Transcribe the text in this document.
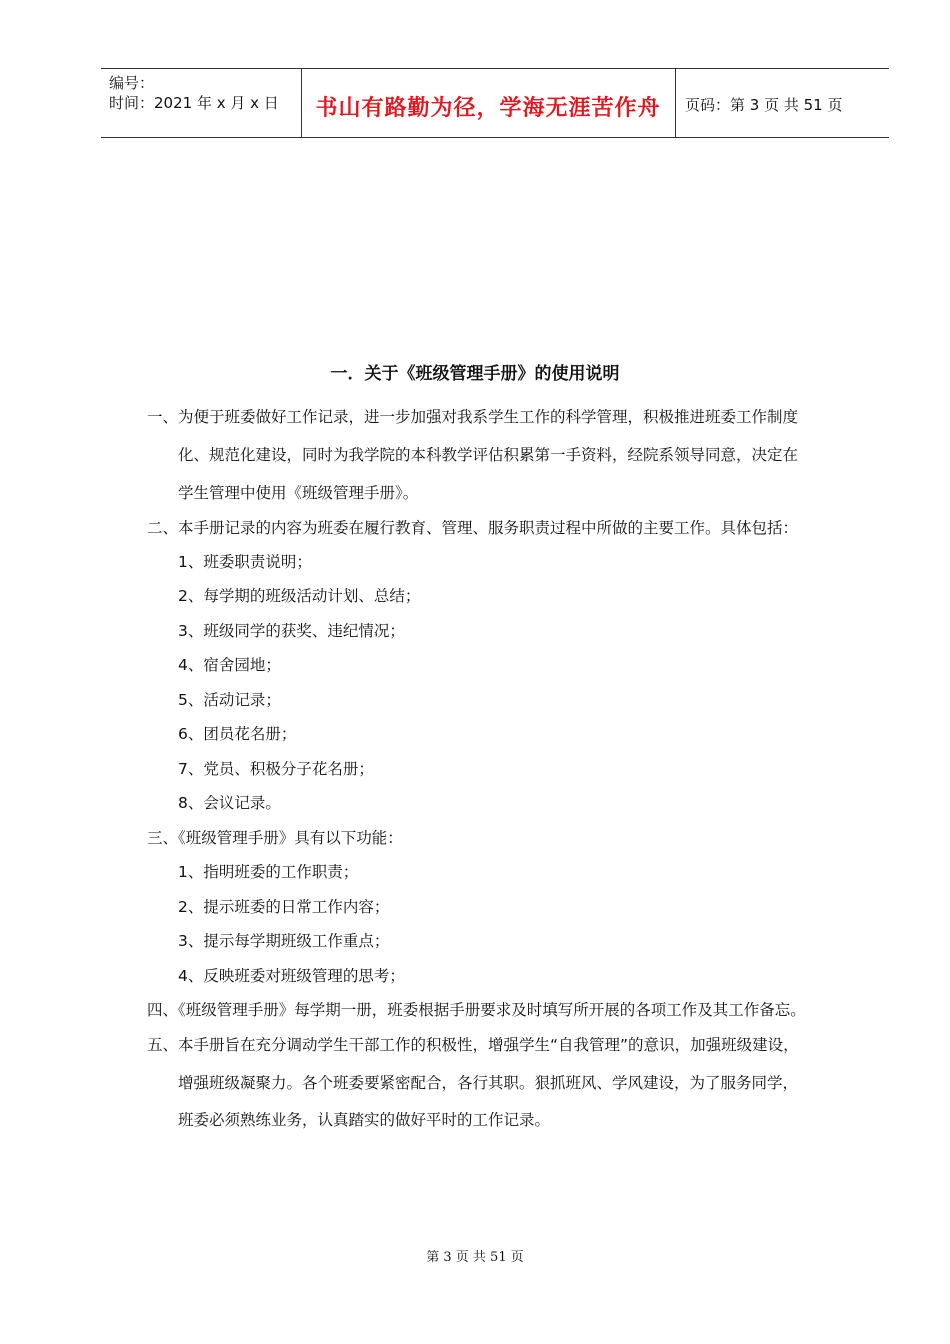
编号：
时间：2021 年 x 月 x 日	书山有路勤为径，学海无涯苦作舟	页码：第 3 页 共 51 页
一．关于《班级管理手册》的使用说明
一、为便于班委做好工作记录，进一步加强对我系学生工作的科学管理，积极推进班委工作制度
化、规范化建设，同时为我学院的本科教学评估积累第一手资料，经院系领导同意，决定在
学生管理中使用《班级管理手册》。
二、本手册记录的内容为班委在履行教育、管理、服务职责过程中所做的主要工作。具体包括：
1、班委职责说明；
2、每学期的班级活动计划、总结；
3、班级同学的获奖、违纪情况；
4、宿舍园地；
5、活动记录；
6、团员花名册；
7、党员、积极分子花名册；
8、会议记录。
三、《班级管理手册》具有以下功能：
1、指明班委的工作职责；
2、提示班委的日常工作内容；
3、提示每学期班级工作重点；
4、反映班委对班级管理的思考；
四、《班级管理手册》每学期一册，班委根据手册要求及时填写所开展的各项工作及其工作备忘。
五、本手册旨在充分调动学生干部工作的积极性，增强学生“自我管理”的意识，加强班级建设，
增强班级凝聚力。各个班委要紧密配合，各行其职。狠抓班风、学风建设，为了服务同学，
班委必须熟练业务，认真踏实的做好平时的工作记录。
第 3 页 共 51 页
